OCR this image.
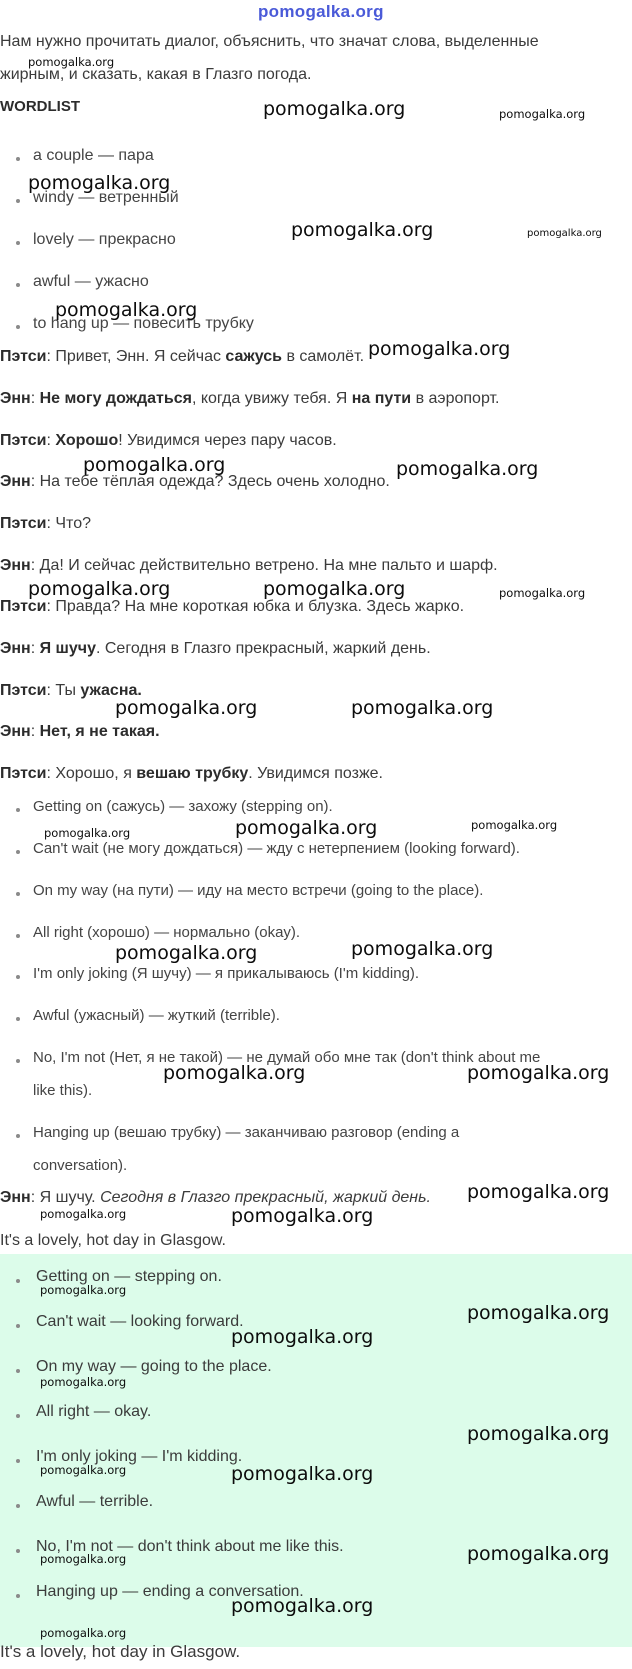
pomogalka.org
Нам нужно прочитать диалог, объяснить, что значат слова, выделенные
жирным, и сказать, какая в Глазго погода.
WORDLIST
a couple — пара
windy — ветренный
lovely — прекрасно
awful — ужасно
to hang up — повесить трубку
Пэтси: Привет, Энн. Я сейчас сажусь в самолёт.
Энн: Не могу дождаться, когда увижу тебя. Я на пути в аэропорт.
Пэтси: Хорошо! Увидимся через пару часов.
Энн: На тебе тёплая одежда? Здесь очень холодно.
Пэтси: Что?
Энн: Да! И сейчас действительно ветрено. На мне пальто и шарф.
Пэтси: Правда? На мне короткая юбка и блузка. Здесь жарко.
Энн: Я шучу. Сегодня в Глазго прекрасный, жаркий день.
Пэтси: Ты ужасна.
Энн: Нет, я не такая.
Пэтси: Хорошо, я вешаю трубку. Увидимся позже.
Getting on (сажусь) — захожу (stepping on).
Can't wait (не могу дождаться) — жду с нетерпением (looking forward).
On my way (на пути) — иду на место встречи (going to the place).
All right (хорошо) — нормально (okay).
I'm only joking (Я шучу) — я прикалываюсь (I'm kidding).
Awful (ужасный) — жуткий (terrible).
No, I'm not (Нет, я не такой) — не думай обо мне так (don't think about me
like this).
Hanging up (вешаю трубку) — заканчиваю разговор (ending a
conversation).
Энн: Я шучу. Сегодня в Глазго прекрасный, жаркий день.
It's a lovely, hot day in Glasgow.
Getting on — stepping on.
Can't wait — looking forward.
On my way — going to the place.
All right — okay.
I'm only joking — I'm kidding.
Awful — terrible.
No, I'm not — don't think about me like this.
Hanging up — ending a conversation.
It's a lovely, hot day in Glasgow.
pomogalka.org
pomogalka.org	pomogalka.org
pomogalka.org
pomogalka.org	pomogalka.org
pomogalka.org
pomogalka.org
pomogalka.org	pomogalka.org
pomogalka.org	pomogalka.org	pomogalka.org
pomogalka.org	pomogalka.org
pomogalka.org	pomogalka.org	pomogalka.org
pomogalka.org	pomogalka.org
pomogalka.org	pomogalka.org
pomogalka.org
pomogalka.org	pomogalka.org
pomogalka.org
pomogalka.org
pomogalka.org
pomogalka.org
pomogalka.org
pomogalka.org	pomogalka.org
pomogalka.org	pomogalka.org
pomogalka.org
pomogalka.org
